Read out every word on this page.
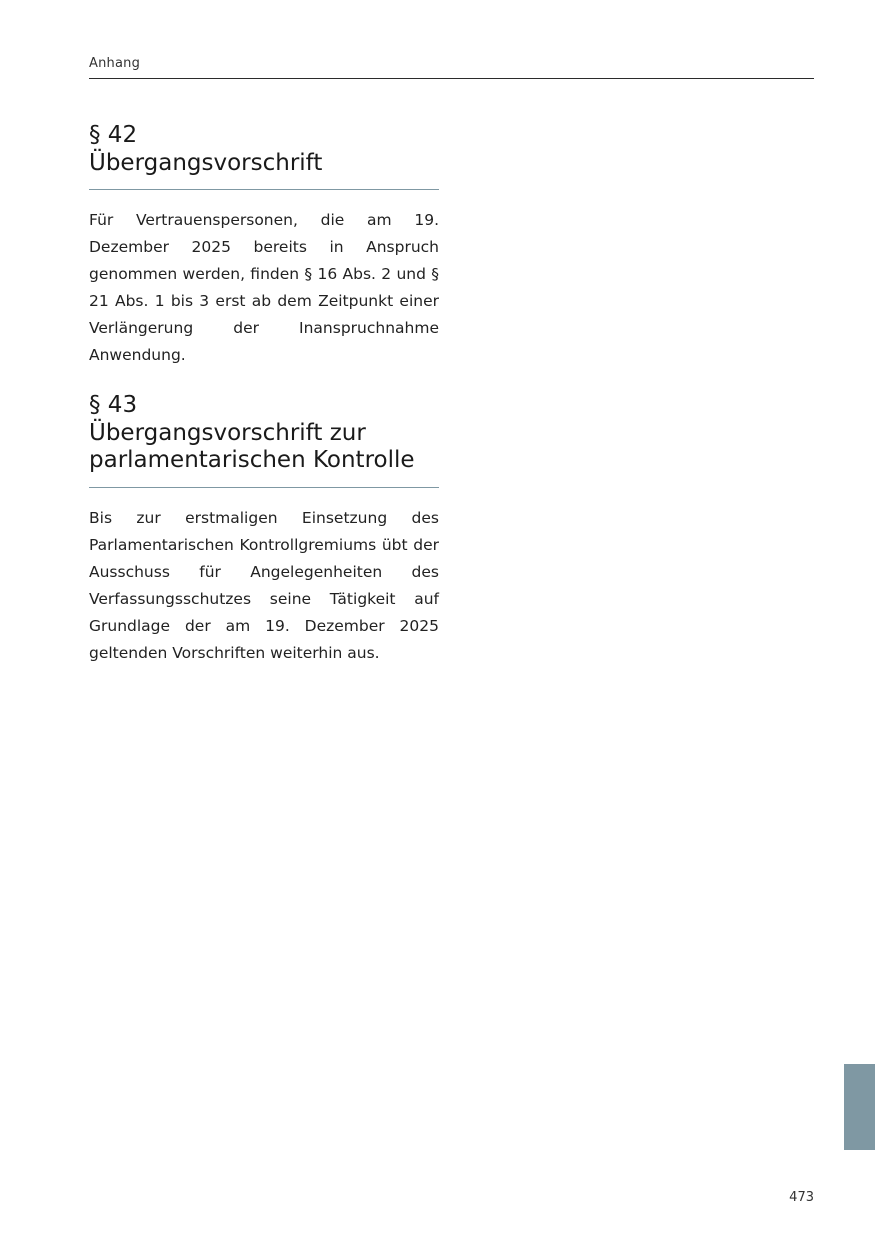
Anhang
§ 42
Übergangsvorschrift

Für Vertrauenspersonen, die am 19. Dezember 2025 bereits in Anspruch genommen werden, finden § 16 Abs. 2 und § 21 Abs. 1 bis 3 erst ab dem Zeitpunkt einer Verlängerung der Inanspruchnahme Anwendung.

§ 43
Übergangsvorschrift zur parlamentarischen Kontrolle

Bis zur erstmaligen Einsetzung des Parlamentarischen Kontrollgremiums übt der Ausschuss für Angelegenheiten des Verfassungsschutzes seine Tätigkeit auf Grundlage der am 19. Dezember 2025 geltenden Vorschriften weiterhin aus.

473
